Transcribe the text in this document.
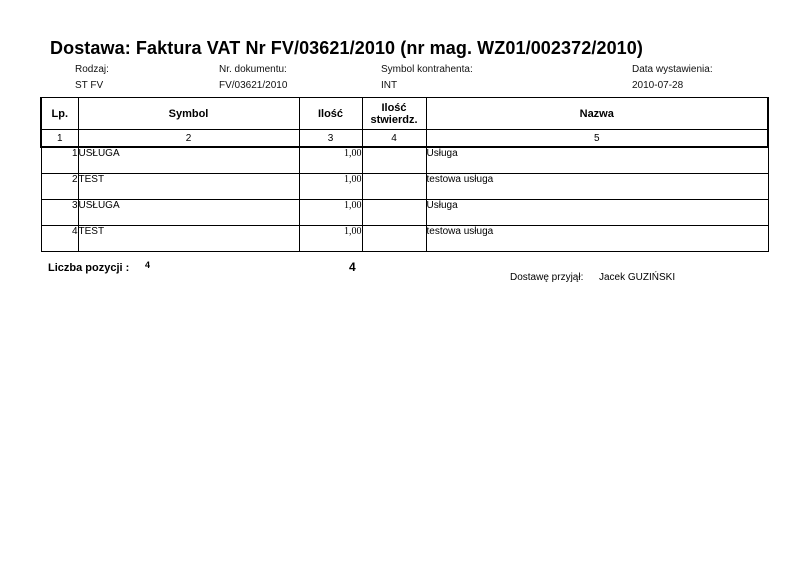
Dostawa: Faktura VAT Nr FV/03621/2010 (nr mag. WZ01/002372/2010)
Rodzaj:
ST FV
Nr. dokumentu:
FV/03621/2010
Symbol kontrahenta:
INT
Data wystawienia:
2010-07-28
Lp.	Symbol	Ilość	Ilość stwierdz.	Nazwa
1	2	3	4	5
1	USŁUGA	1,00		Usługa
2	TEST	1,00		testowa usługa
3	USŁUGA	1,00		Usługa
4	TEST	1,00		testowa usługa
Liczba pozycji : 4	4
Dostawę przyjął: Jacek GUZIŃSKI
